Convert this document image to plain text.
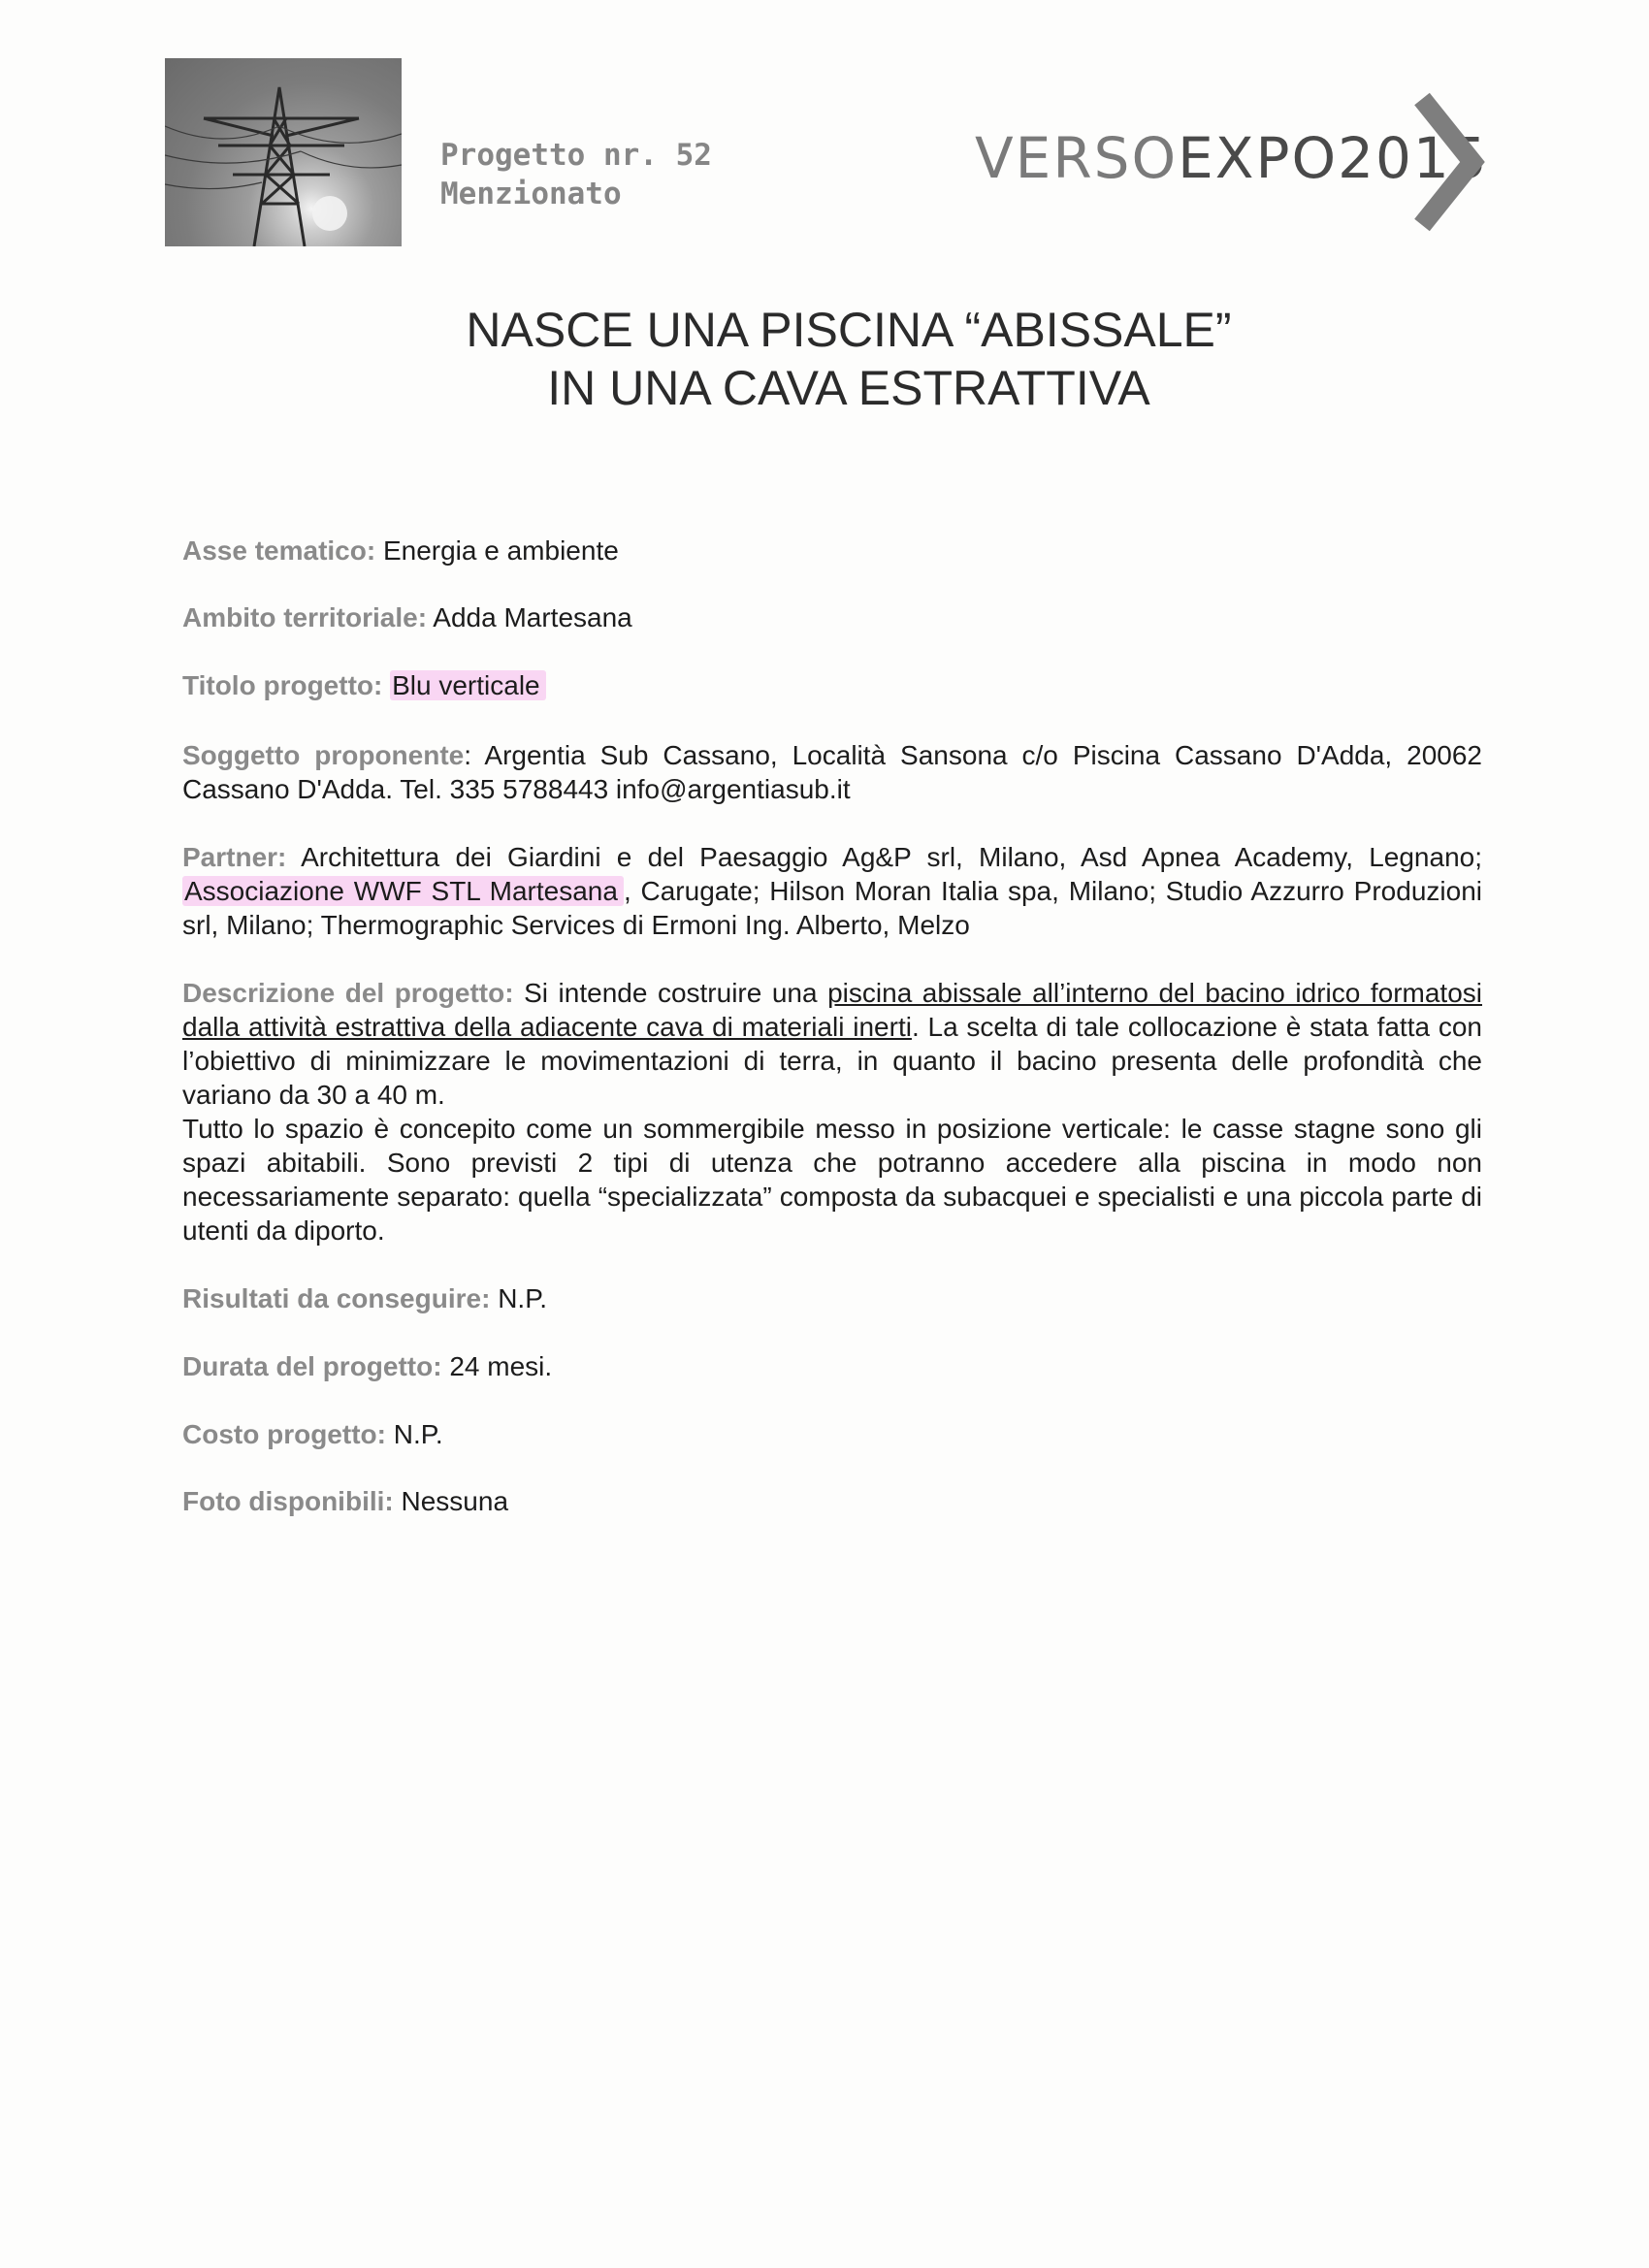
Progetto nr. 52
Menzionato
VERSOEXPO2015
NASCE UNA PISCINA “ABISSALE”
IN UNA CAVA ESTRATTIVA
Asse tematico: Energia e ambiente
Ambito territoriale: Adda Martesana
Titolo progetto: Blu verticale
Soggetto proponente: Argentia Sub Cassano, Località Sansona c/o Piscina Cassano D'Adda, 20062 Cassano D'Adda. Tel. 335 5788443 info@argentiasub.it
Partner: Architettura dei Giardini e del Paesaggio Ag&P srl, Milano, Asd Apnea Academy, Legnano; Associazione WWF STL Martesana , Carugate; Hilson Moran Italia spa, Milano; Studio Azzurro Produzioni srl, Milano; Thermographic Services di Ermoni Ing. Alberto, Melzo
Descrizione del progetto: Si intende costruire una piscina abissale all’interno del bacino idrico formatosi dalla attività estrattiva della adiacente cava di materiali inerti. La scelta di tale collocazione è stata fatta con l’obiettivo di minimizzare le movimentazioni di terra, in quanto il bacino presenta delle profondità che variano da 30 a 40 m.
Tutto lo spazio è concepito come un sommergibile messo in posizione verticale: le casse stagne sono gli spazi abitabili. Sono previsti 2 tipi di utenza che potranno accedere alla piscina in modo non necessariamente separato: quella “specializzata” composta da subacquei e specialisti e una piccola parte di utenti da diporto.
Risultati da conseguire: N.P.
Durata del progetto: 24 mesi.
Costo progetto: N.P.
Foto disponibili: Nessuna
